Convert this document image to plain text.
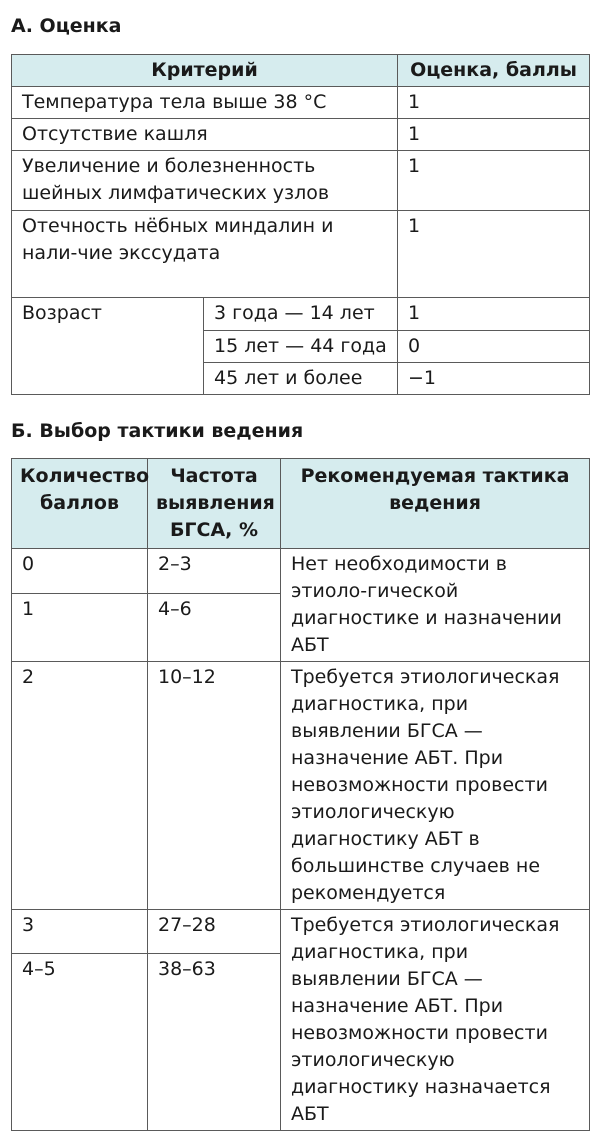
А. Оценка
Критерий		Оценка, баллы
Температура тела выше 38 °С		1
Отсутствие кашля		1
Увеличение и болезненность шейных лимфатических узлов		1
Отечность нёбных миндалин и нали-чие экссудата		1
Возраст	3 года — 14 лет	1
	15 лет — 44 года	0
	45 лет и более	−1
Б. Выбор тактики ведения
Количество баллов	Частота выявления БГСА, %	Рекомендуемая тактика ведения
0	2–3	Нет необходимости в этиоло-гической диагностике и назначении АБТ
1	4–6	
2	10–12	Требуется этиологическая диагностика, при выявлении БГСА — назначение АБТ. При невозможности провести этиологическую диагностику АБТ в большинстве случаев не рекомендуется
3	27–28	Требуется этиологическая диагностика, при выявлении БГСА — назначение АБТ. При невозможности провести этиологическую диагностику назначается АБТ
4–5	38–63	
